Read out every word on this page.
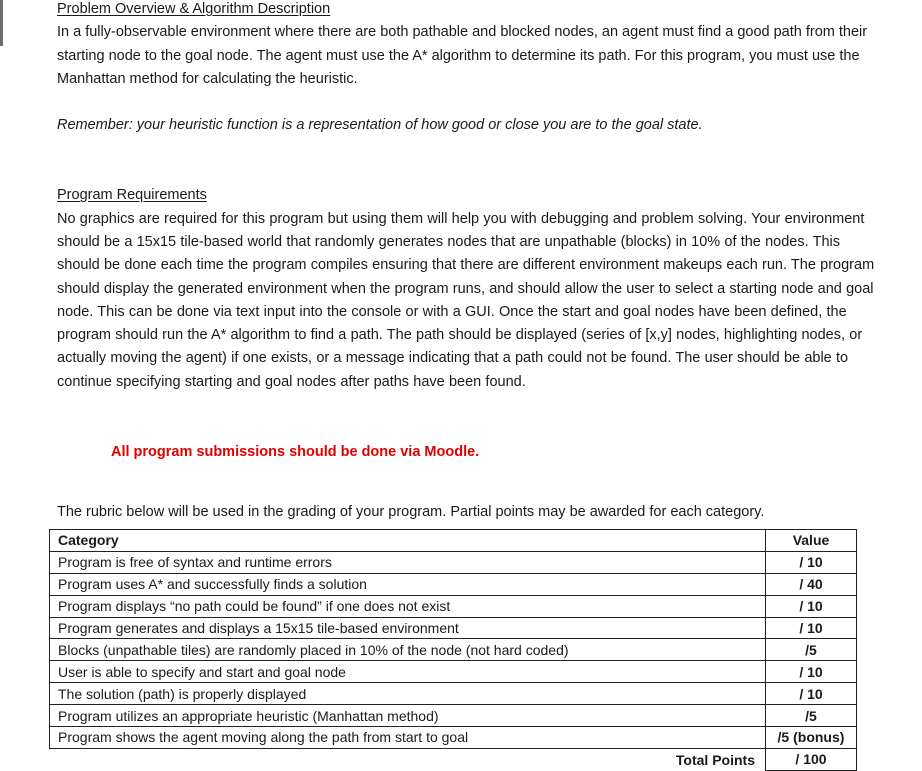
Problem Overview & Algorithm Description

In a fully-observable environment where there are both pathable and blocked nodes, an agent must find a good path from their starting node to the goal node. The agent must use the A* algorithm to determine its path. For this program, you must use the Manhattan method for calculating the heuristic.

Remember: your heuristic function is a representation of how good or close you are to the goal state.

Program Requirements

No graphics are required for this program but using them will help you with debugging and problem solving. Your environment should be a 15x15 tile-based world that randomly generates nodes that are unpathable (blocks) in 10% of the nodes. This should be done each time the program compiles ensuring that there are different environment makeups each run. The program should display the generated environment when the program runs, and should allow the user to select a starting node and goal node. This can be done via text input into the console or with a GUI. Once the start and goal nodes have been defined, the program should run the A* algorithm to find a path. The path should be displayed (series of [x,y] nodes, highlighting nodes, or actually moving the agent) if one exists, or a message indicating that a path could not be found. The user should be able to continue specifying starting and goal nodes after paths have been found.

All program submissions should be done via Moodle.
The rubric below will be used in the grading of your program. Partial points may be awarded for each category.
Category	Value
Program is free of syntax and runtime errors	/ 10
Program uses A* and successfully finds a solution	/ 40
Program displays “no path could be found” if one does not exist	/ 10
Program generates and displays a 15x15 tile-based environment	/ 10
Blocks (unpathable tiles) are randomly placed in 10% of the node (not hard coded)	/5
User is able to specify and start and goal node	/ 10
The solution (path) is properly displayed	/ 10
Program utilizes an appropriate heuristic (Manhattan method)	/5
Program shows the agent moving along the path from start to goal	/5 (bonus)
Total Points	/ 100
